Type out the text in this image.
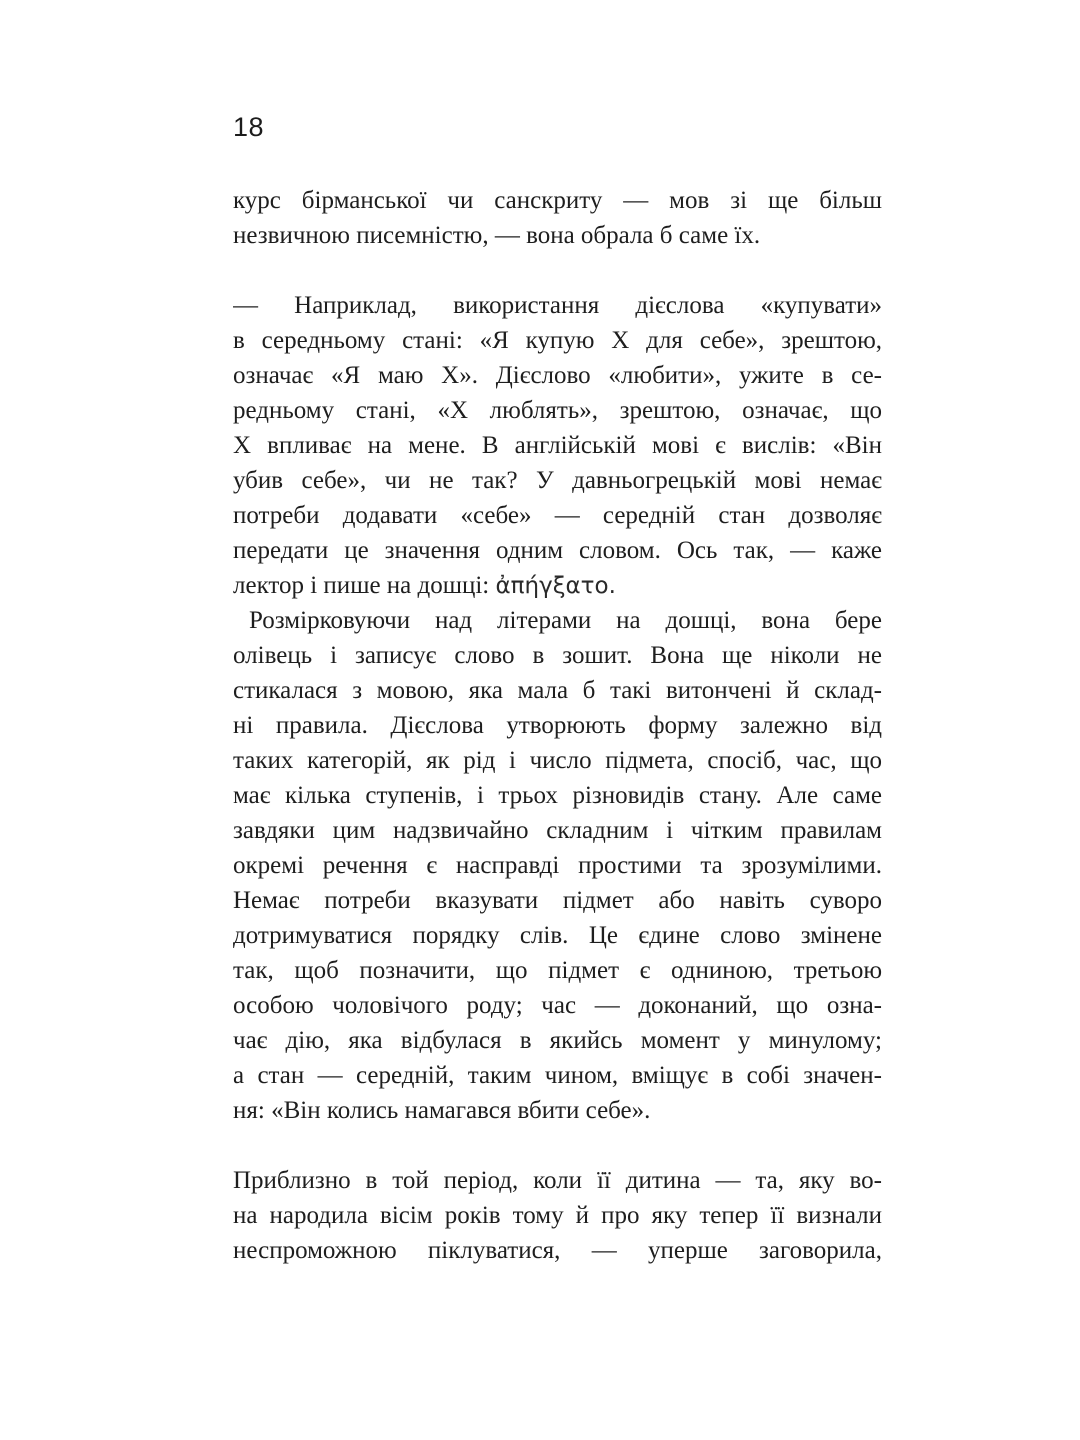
18
курс бірманської чи санскриту — мов зі ще більш
незвичною писемністю, — вона обрала б саме їх.
— Наприклад, використання дієслова «купувати»
в середньому стані: «Я купую X для себе», зрештою,
означає «Я маю X». Дієслово «любити», ужите в се-
редньому стані, «X люблять», зрештою, означає, що
X впливає на мене. В англійській мові є вислів: «Він
убив себе», чи не так? У давньогрецькій мові немає
потреби додавати «себе» — середній стан дозволяє
передати це значення одним словом. Ось так, — каже
лектор і пише на дошці: ἀπήγξατο.
Розмірковуючи над літерами на дошці, вона бере
олівець і записує слово в зошит. Вона ще ніколи не
стикалася з мовою, яка мала б такі витончені й склад-
ні правила. Дієслова утворюють форму залежно від
таких категорій, як рід і число підмета, спосіб, час, що
має кілька ступенів, і трьох різновидів стану. Але саме
завдяки цим надзвичайно складним і чітким правилам
окремі речення є насправді простими та зрозумілими.
Немає потреби вказувати підмет або навіть суворо
дотримуватися порядку слів. Це єдине слово змінене
так, щоб позначити, що підмет є одниною, третьою
особою чоловічого роду; час — доконаний, що озна-
чає дію, яка відбулася в якийсь момент у минулому;
а стан — середній, таким чином, вміщує в собі значен-
ня: «Він колись намагався вбити себе».
Приблизно в той період, коли її дитина — та, яку во-
на народила вісім років тому й про яку тепер її визнали
неспроможною піклуватися, — уперше заговорила,
